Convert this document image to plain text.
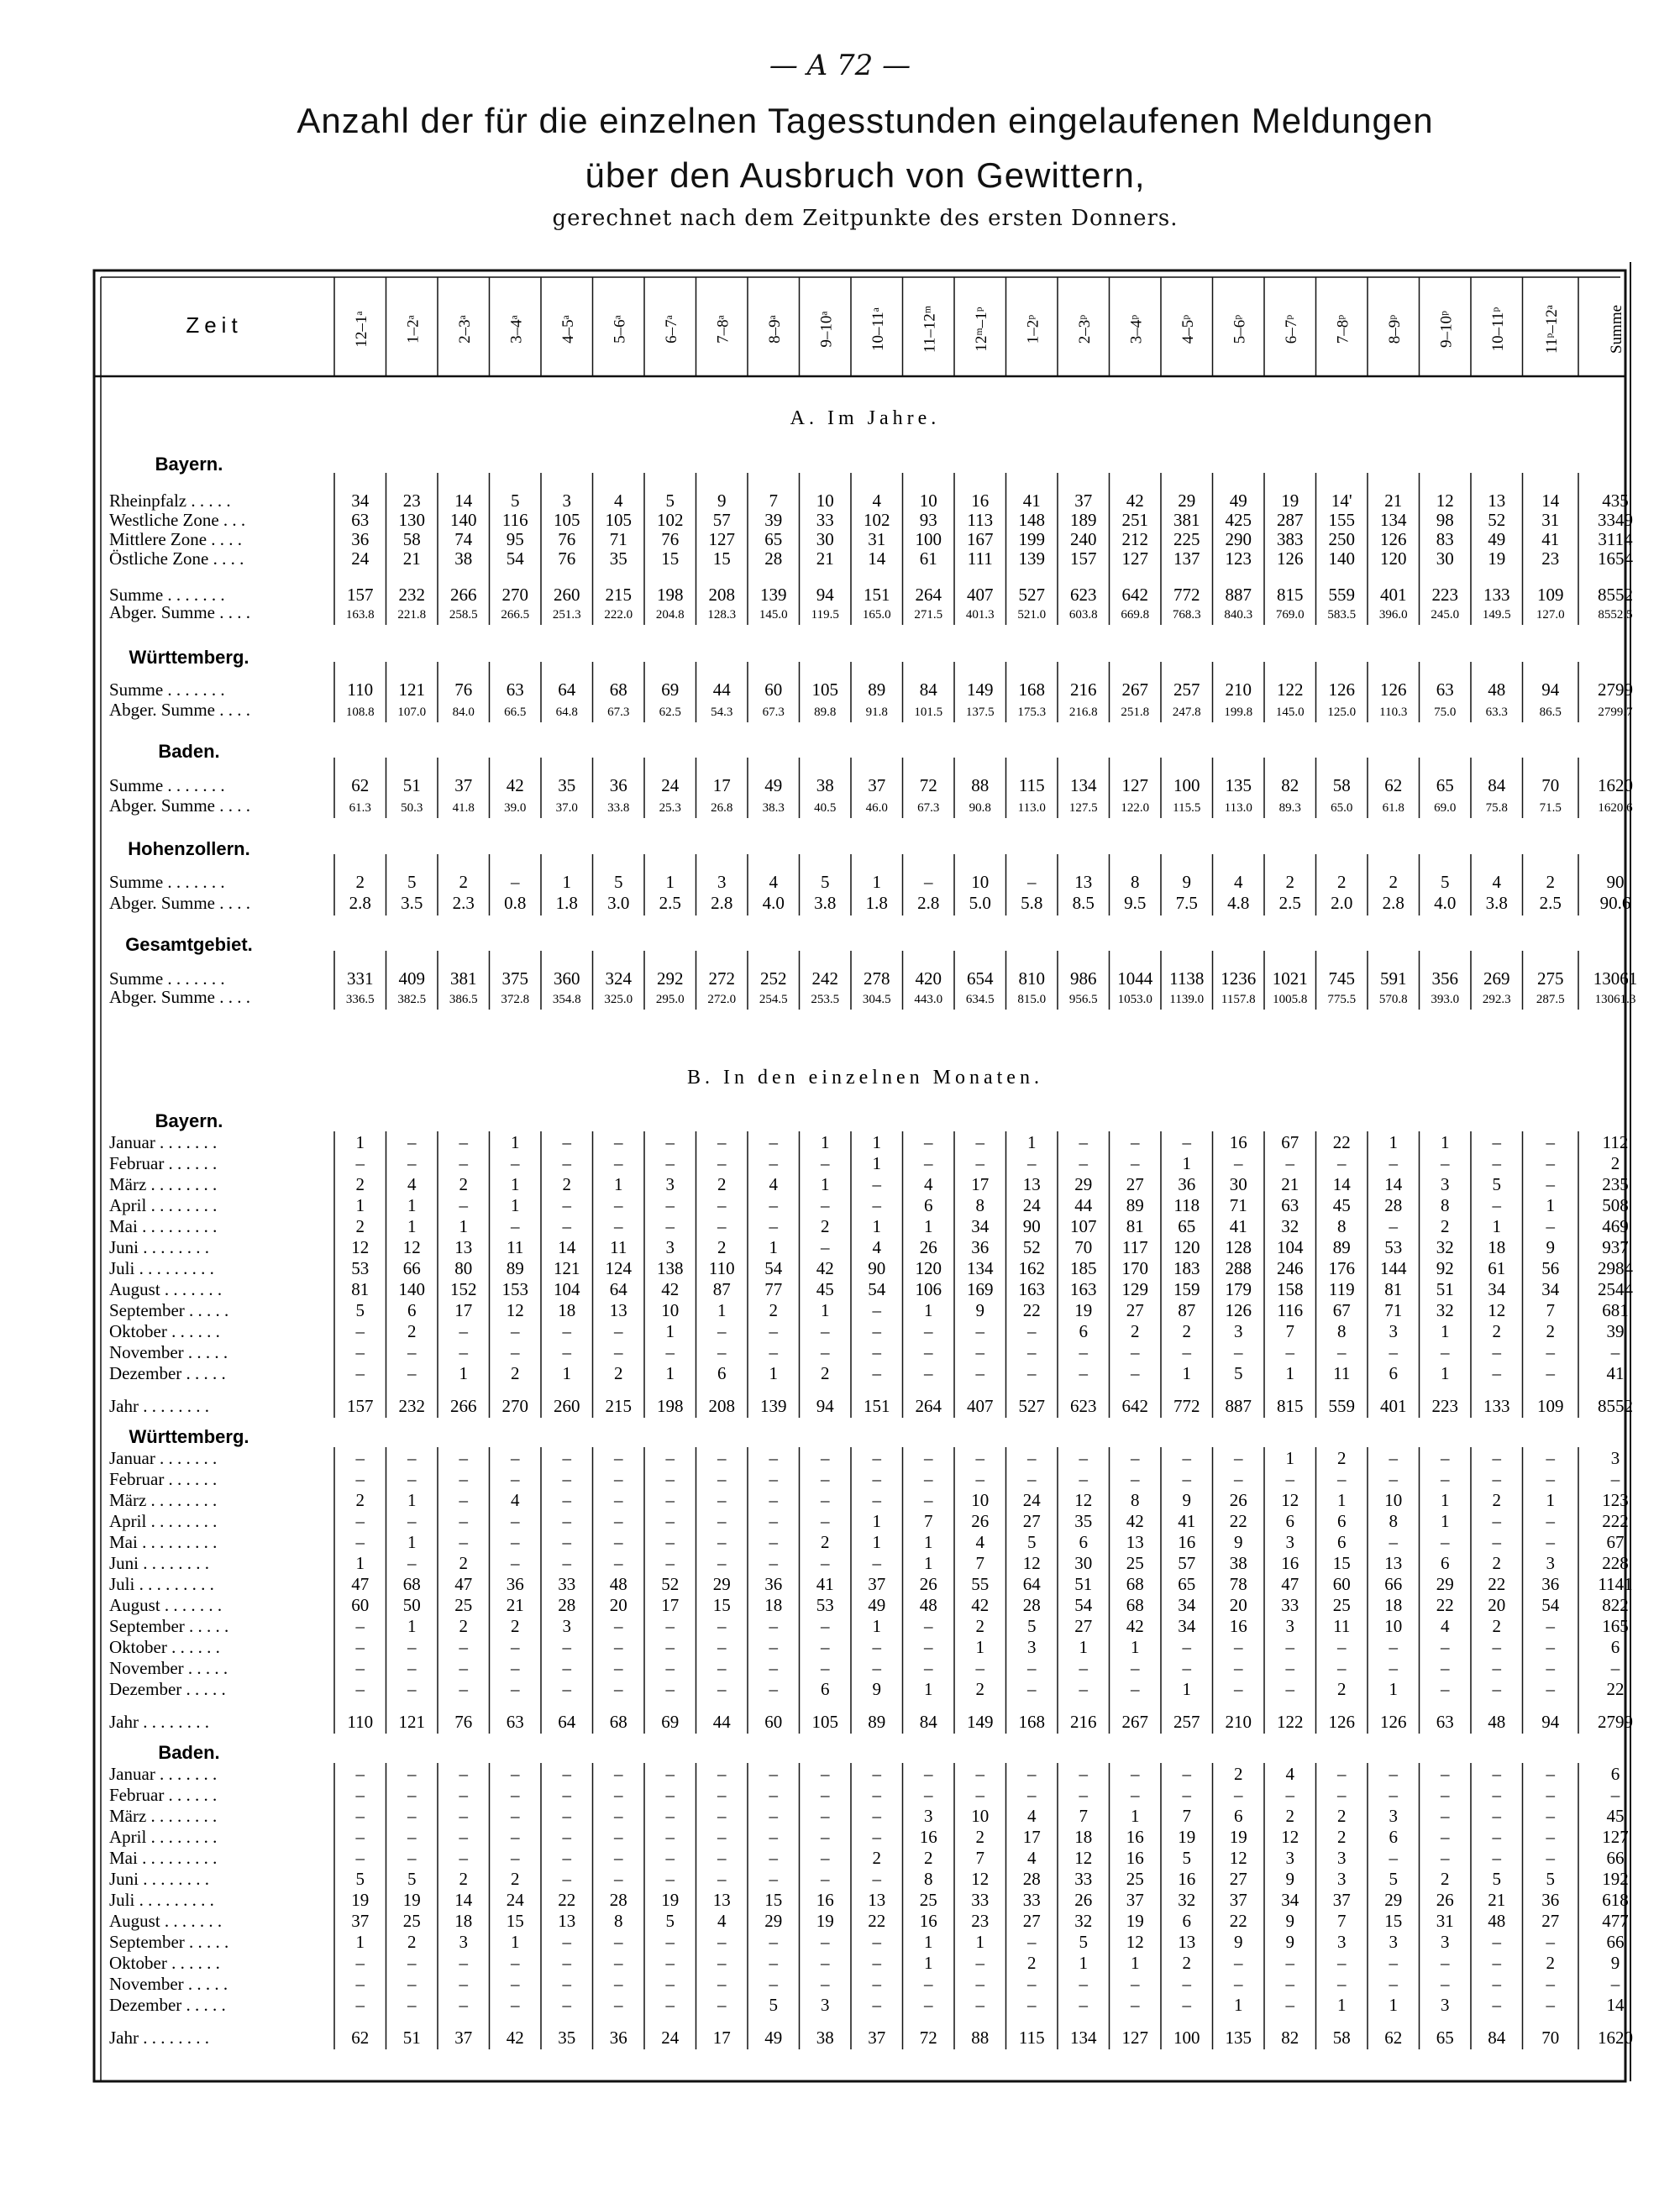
— A 72 —
Anzahl der für die einzelnen Tagesstunden eingelaufenen Meldungen
über den Ausbruch von Gewittern,
gerechnet nach dem Zeitpunkte des ersten Donners.
Zeit	12–1ᵃ 1–2ᵃ 2–3ᵃ 3–4ᵃ 4–5ᵃ 5–6ᵃ 6–7ᵃ 7–8ᵃ 8–9ᵃ 9–10ᵃ 10–11ᵃ 11–12ᵐ 12ᵐ–1ᵖ 1–2ᵖ 2–3ᵖ 3–4ᵖ 4–5ᵖ 5–6ᵖ 6–7ᵖ 7–8ᵖ 8–9ᵖ 9–10ᵖ 10–11ᵖ 11ᵖ–12ᵃ	Summe
A. Im Jahre.
Bayern.
Rheinpfalz . . . . .	34 23 14 5 3 4 5 9 7 10 4 10 16 41 37 42 29 49 19 14' 21 12 13 14 435
Westliche Zone . . .	63 130 140 116 105 105 102 57 39 33 102 93 113 148 189 251 381 425 287 155 134 98 52 31 3349
Mittlere Zone . . . .	36 58 74 95 76 71 76 127 65 30 31 100 167 199 240 212 225 290 383 250 126 83 49 41 3114
Östliche Zone . . . .	24 21 38 54 76 35 15 15 28 21 14 61 111 139 157 127 137 123 126 140 120 30 19 23 1654
Summe . . . . . . .	157 232 266 270 260 215 198 208 139 94 151 264 407 527 623 642 772 887 815 559 401 223 133 109 8552
Abger. Summe . . . .	163.8 221.8 258.5 266.5 251.3 222.0 204.8 128.3 145.0 119.5 165.0 271.5 401.3 521.0 603.8 669.8 768.3 840.3 769.0 583.5 396.0 245.0 149.5 127.0	8552.5
Württemberg.
Summe . . . . . . .	110 121 76 63 64 68 69 44 60 105 89 84 149 168 216 267 257 210 122 126 126 63 48 94 2799
Abger. Summe . . . .	108.8 107.0 84.0 66.5 64.8 67.3 62.5 54.3 67.3 89.8 91.8 101.5 137.5 175.3 216.8 251.8 247.8 199.8 145.0 125.0 110.3 75.0 63.3	86.5	2799.7
Baden.
Summe . . . . . . .	62 51 37 42 35 36 24 17 49 38 37 72 88 115 134 127 100 135 82 58 62 65 84 70 1620
Abger. Summe . . . .	61.3 50.3 41.8 39.0 37.0 33.8 25.3 26.8 38.3 40.5 46.0 67.3 90.8 113.0 127.5 122.0 115.5 113.0 89.3 65.0 61.8 69.0 75.8	71.5	1620.6
Hohenzollern.
Summe . . . . . . .	2 5 2 – 1 5 1 3 4 5 1 – 10 – 13 8 9 4 2 2 2 5 4	2	90
Abger. Summe . . . .	2.8 3.5 2.3 0.8 1.8 3.0 2.5 2.8 4.0 3.8 1.8 2.8 5.0 5.8 8.5 9.5 7.5 4.8 2.5 2.0 2.8 4.0 3.8 2.5 90.6
Gesamtgebiet.
Summe . . . . . . .	331 409 381 375 360 324 292 272 252 242 278 420 654 810 986 1044 1138 1236 1021 745 591 356 269 275 13061
Abger. Summe . . . .	336.5 382.5 386.5 372.8 354.8 325.0 295.0 272.0 254.5 253.5 304.5 443.0 634.5 815.0 956.5 1053.0 1139.0 1157.8 1005.8 775.5 570.8 393.0 292.3 287.5 13061.3
B. In den einzelnen Monaten.
Bayern.
Januar . . . . . . .	1 – – 1 – – – – – 1 1 – – 1 – – – 16 67 22 1 1 –	–	112
Februar . . . . . .	– – – – – – – – – – 1 – – – – – 1 – – – – – –	–	2
März . . . . . . . .	2 4 2 1 2 1 3 2 4 1 – 4 17 13 29 27 36 30 21 14 14 3 5	–	235
April . . . . . . . .	1 1 – 1 – – – – – – – 6 8 24 44 89 118 71 63 45 28 8 –	1	508
Mai . . . . . . . . .	2 1 1 – – – – – – 2 1 1 34 90 107 81 65 41 32 8 – 2 1	–	469
Juni . . . . . . . .	12 12 13 11 14 11 3 2 1 – 4 26 36 52 70 117 120 128 104 89 53 32 18 9	937
Juli . . . . . . . . .	53 66 80 89 121 124 138 110 54 42 90 120 134 162 185 170 183 288 246 176 144 92 61 56 2984
August . . . . . . .	81 140 152 153 104 64 42 87 77 45 54 106 169 163 163 129 159 179 158 119 81 51 34 34 2544
September . . . . .	5 6 17 12 18 13 10 1 2 1 – 1 9 22 19 27 87 126 116 67 71 32 12 7	681
Oktober . . . . . .	– 2 – – – – 1 – – – – – – – 6 2 2 3 7 8 3 1 2	2	39
November . . . . .	– – – – – – – – – – – – – – – – – – – – – – –	–	–
Dezember . . . . .	– – 1 2 1 2 1 6 1 2 – – – – – – 1 5 1 11 6 1 –	–	41
Jahr . . . . . . . .	157 232 266 270 260 215 198 208 139 94 151 264 407 527 623 642 772 887 815 559 401 223 133 109 8552
Württemberg.
Januar . . . . . . .	– – – – – – – – – – – – – – – – – – 1 2 – – –	–	3
Februar . . . . . .	– – – – – – – – – – – – – – – – – – – – – – –	–	–
März . . . . . . . .	2 1 – 4 – – – – – – – – 10 24 12 8 9 26 12 1 10 1 2	1	123
April . . . . . . . .	– – – – – – – – – – 1 7 26 27 35 42 41 22 6 6 8 1 –	–	222
Mai . . . . . . . . .	– 1 – – – – – – – 2 1 1 4 5 6 13 16 9 3 6 – – –	–	67
Juni . . . . . . . .	1 – 2 – – – – – – – – 1 7 12 30 25 57 38 16 15 13 6 2	3	228
Juli . . . . . . . . .	47 68 47 36 33 48 52 29 36 41 37 26 55 64 51 68 65 78 47 60 66 29 22 36 1141
August . . . . . . .	60 50 25 21 28 20 17 15 18 53 49 48 42 28 54 68 34 20 33 25 18 22 20 54 822
September . . . . .	– 1 2 2 3 – – – – – 1 – 2 5 27 42 34 16 3 11 10 4 2	–	165
Oktober . . . . . .	– – – – – – – – – – – – 1 3 1 1 – – – – – – –	–	6
November . . . . .	– – – – – – – – – – – – – – – – – – – – – – –	–	–
Dezember . . . . .	– – – – – – – – – 6 9 1 2 – – – 1 – – 2 1 – –	–	22
Jahr . . . . . . . .	110 121 76 63 64 68 69 44 60 105 89 84 149 168 216 267 257 210 122 126 126 63 48 94 2799
Baden.
Januar . . . . . . .	– – – – – – – – – – – – – – – – – 2 4 – – – –	–	6
Februar . . . . . .	– – – – – – – – – – – – – – – – – – – – – – –	–	–
März . . . . . . . .	– – – – – – – – – – – 3 10 4 7 1 7 6 2 2 3 – –	–	45
April . . . . . . . .	– – – – – – – – – – – 16 2 17 18 16 19 19 12 2 6 – –	–	127
Mai . . . . . . . . .	– – – – – – – – – – 2 2 7 4 12 16 5 12 3 3 – – –	–	66
Juni . . . . . . . .	5 5 2 2 – – – – – – – 8 12 28 33 25 16 27 9 3 5 2 5	5	192
Juli . . . . . . . . .	19 19 14 24 22 28 19 13 15 16 13 25 33 33 26 37 32 37 34 37 29 26 21 36 618
August . . . . . . .	37 25 18 15 13 8 5 4 29 19 22 16 23 27 32 19 6 22 9 7 15 31 48 27 477
September . . . . .	1 2 3 1 – – – – – – – 1 1 – 5 12 13 9 9 3 3 3 –	–	66
Oktober . . . . . .	– – – – – – – – – – – 1 – 2 1 1 2 – – – – – –	2	9
November . . . . .	– – – – – – – – – – – – – – – – – – – – – – –	–	–
Dezember . . . . .	– – – – – – – – 5 3 – – – – – – – 1 – 1 1 3 –	–	14
Jahr . . . . . . . .	62 51 37 42 35 36 24 17 49 38 37 72 88 115 134 127 100 135 82 58 62 65 84 70 1620
